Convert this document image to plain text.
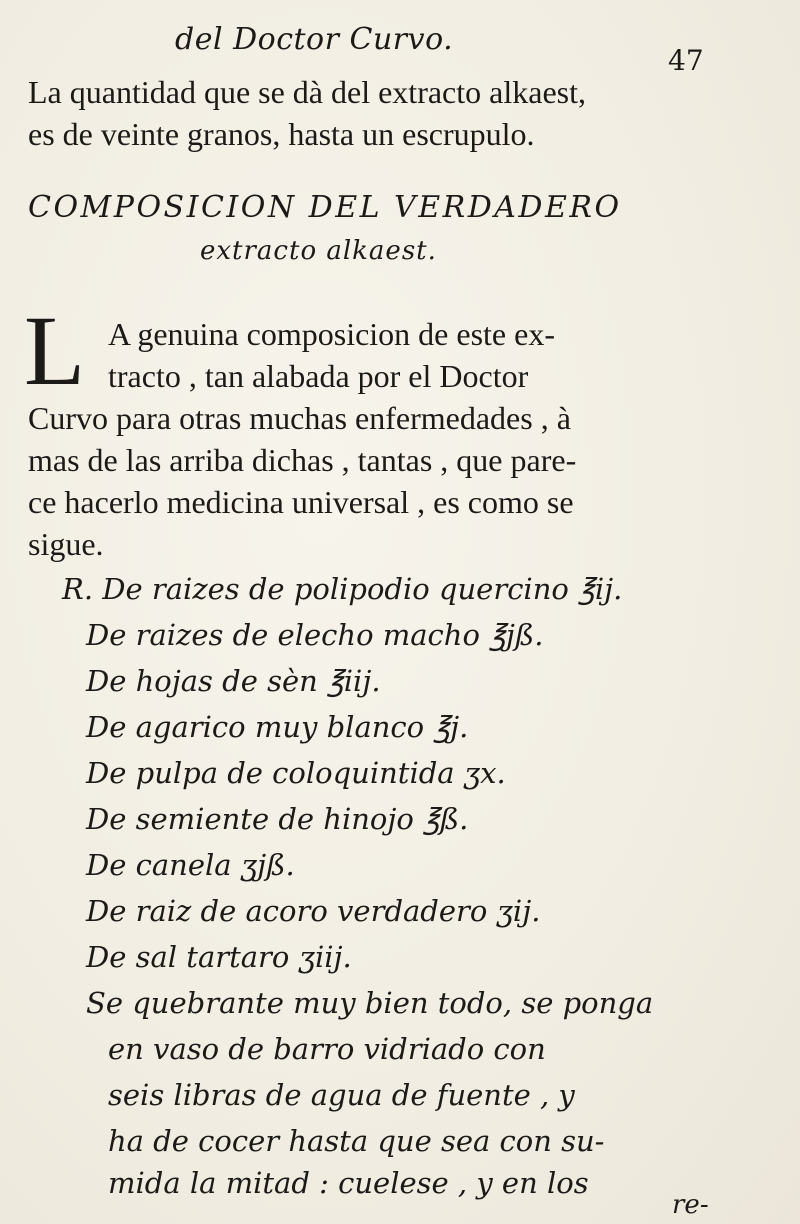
del Doctor Curvo.
47
La quantidad que se dà del extracto alkaest,
es de veinte granos, hasta un escrupulo.
COMPOSICION DEL VERDADERO
extracto alkaest.
L A genuina composicion de este ex-
tracto , tan alabada por el Doctor
Curvo para otras muchas enfermedades , à
mas de las arriba dichas , tantas , que pare-
ce hacerlo medicina universal , es como se
sigue.
R. De raizes de polipodio quercino ℥ij.
De raizes de elecho macho ℥jß.
De hojas de sèn ℥iij.
De agarico muy blanco ℥j.
De pulpa de coloquintida ʒx.
De semiente de hinojo ℥ß.
De canela ʒjß.
De raiz de acoro verdadero ʒij.
De sal tartaro ʒiij.
Se quebrante muy bien todo, se ponga
en vaso de barro vidriado con
seis libras de agua de fuente , y
ha de cocer hasta que sea con su-
mida la mitad : cuelese , y en los
re-
